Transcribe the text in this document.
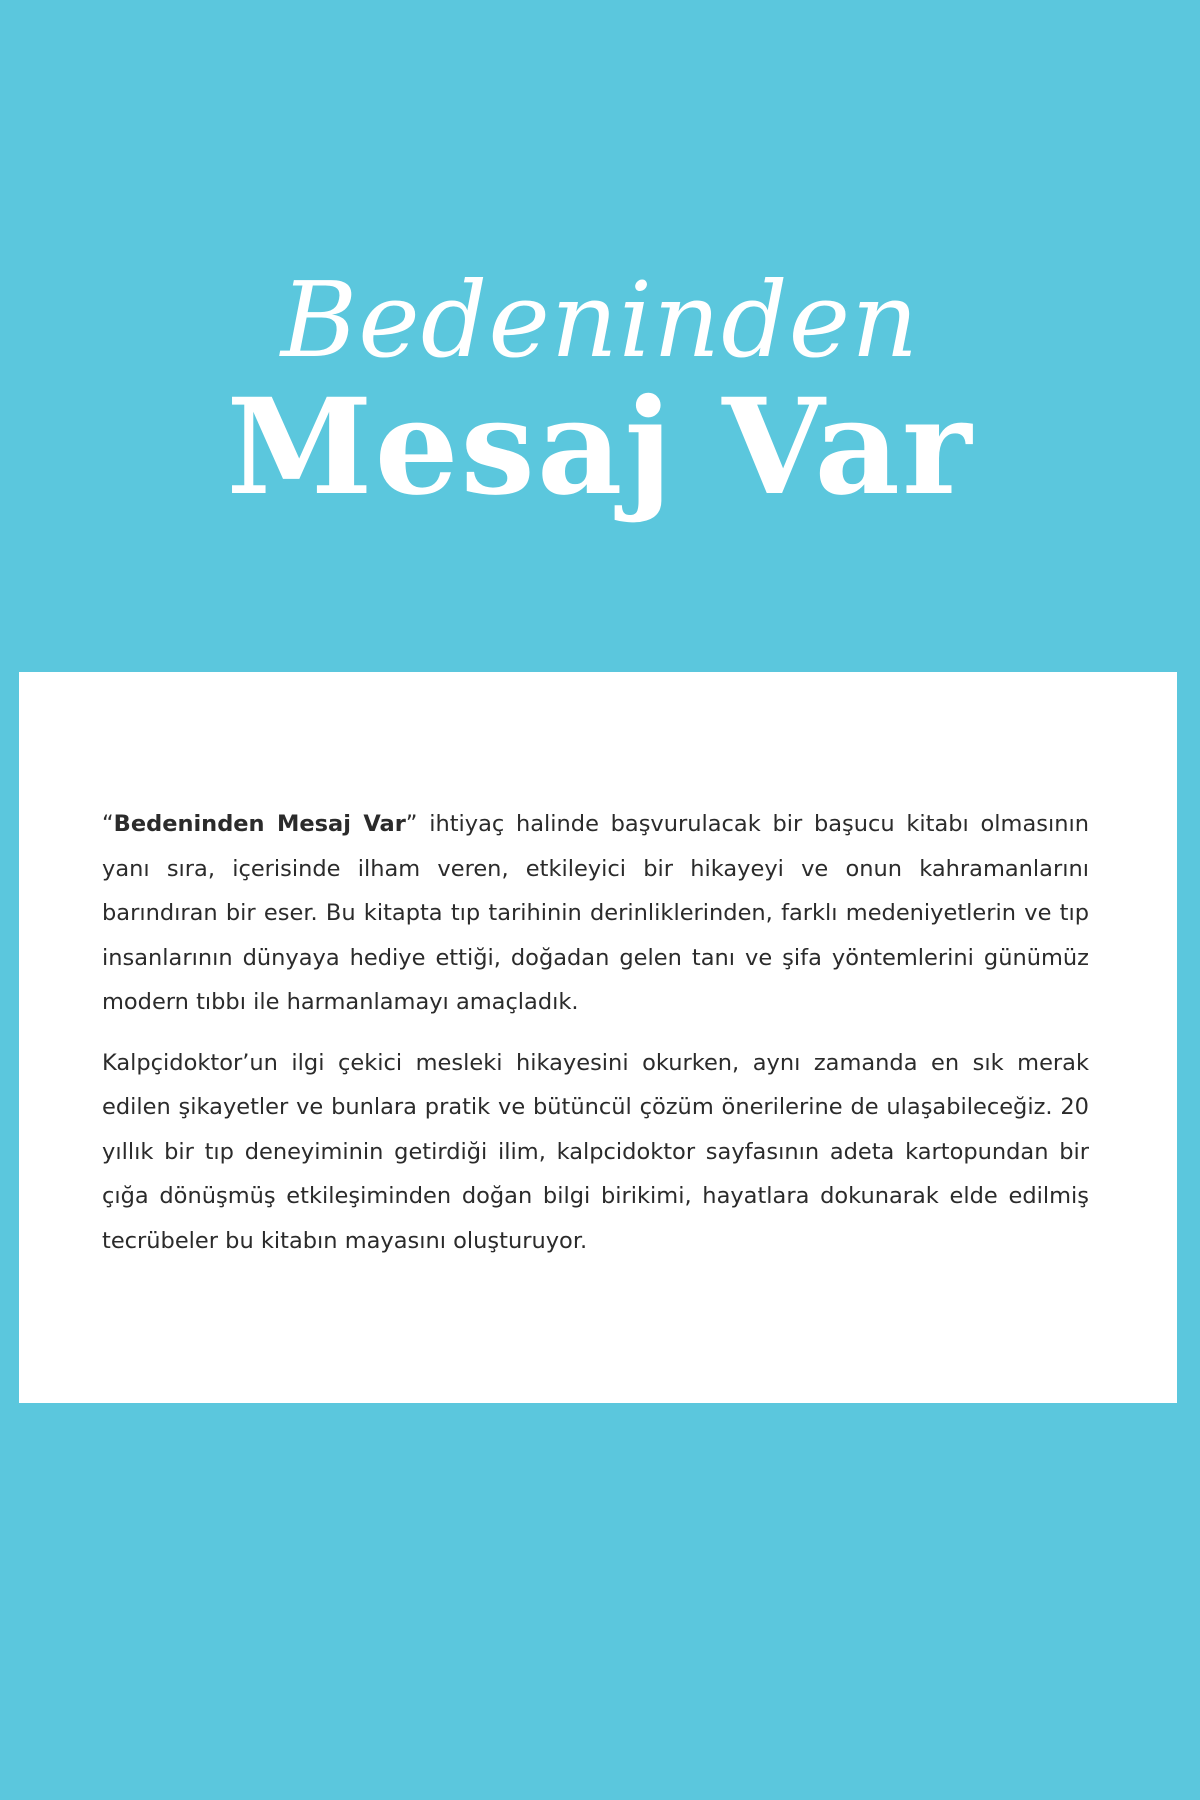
Bedeninden
Mesaj Var

“Bedeninden Mesaj Var” ihtiyaç halinde başvurulacak bir başucu kitabı olmasının yanı sıra, içerisinde ilham veren, etkileyici bir hikayeyi ve onun kahramanlarını barındıran bir eser. Bu kitapta tıp tarihinin derinliklerinden, farklı medeniyetlerin ve tıp insanlarının dünyaya hediye ettiği, doğadan gelen tanı ve şifa yöntemlerini günümüz modern tıbbı ile harmanlamayı amaçladık.

Kalpçidoktor’un ilgi çekici mesleki hikayesini okurken, aynı zamanda en sık merak edilen şikayetler ve bunlara pratik ve bütüncül çözüm önerilerine de ulaşabileceğiz. 20 yıllık bir tıp deneyiminin getirdiği ilim, kalpcidoktor sayfasının adeta kartopundan bir çığa dönüşmüş etkileşiminden doğan bilgi birikimi, hayatlara dokunarak elde edilmiş tecrübeler bu kitabın mayasını oluşturuyor.
